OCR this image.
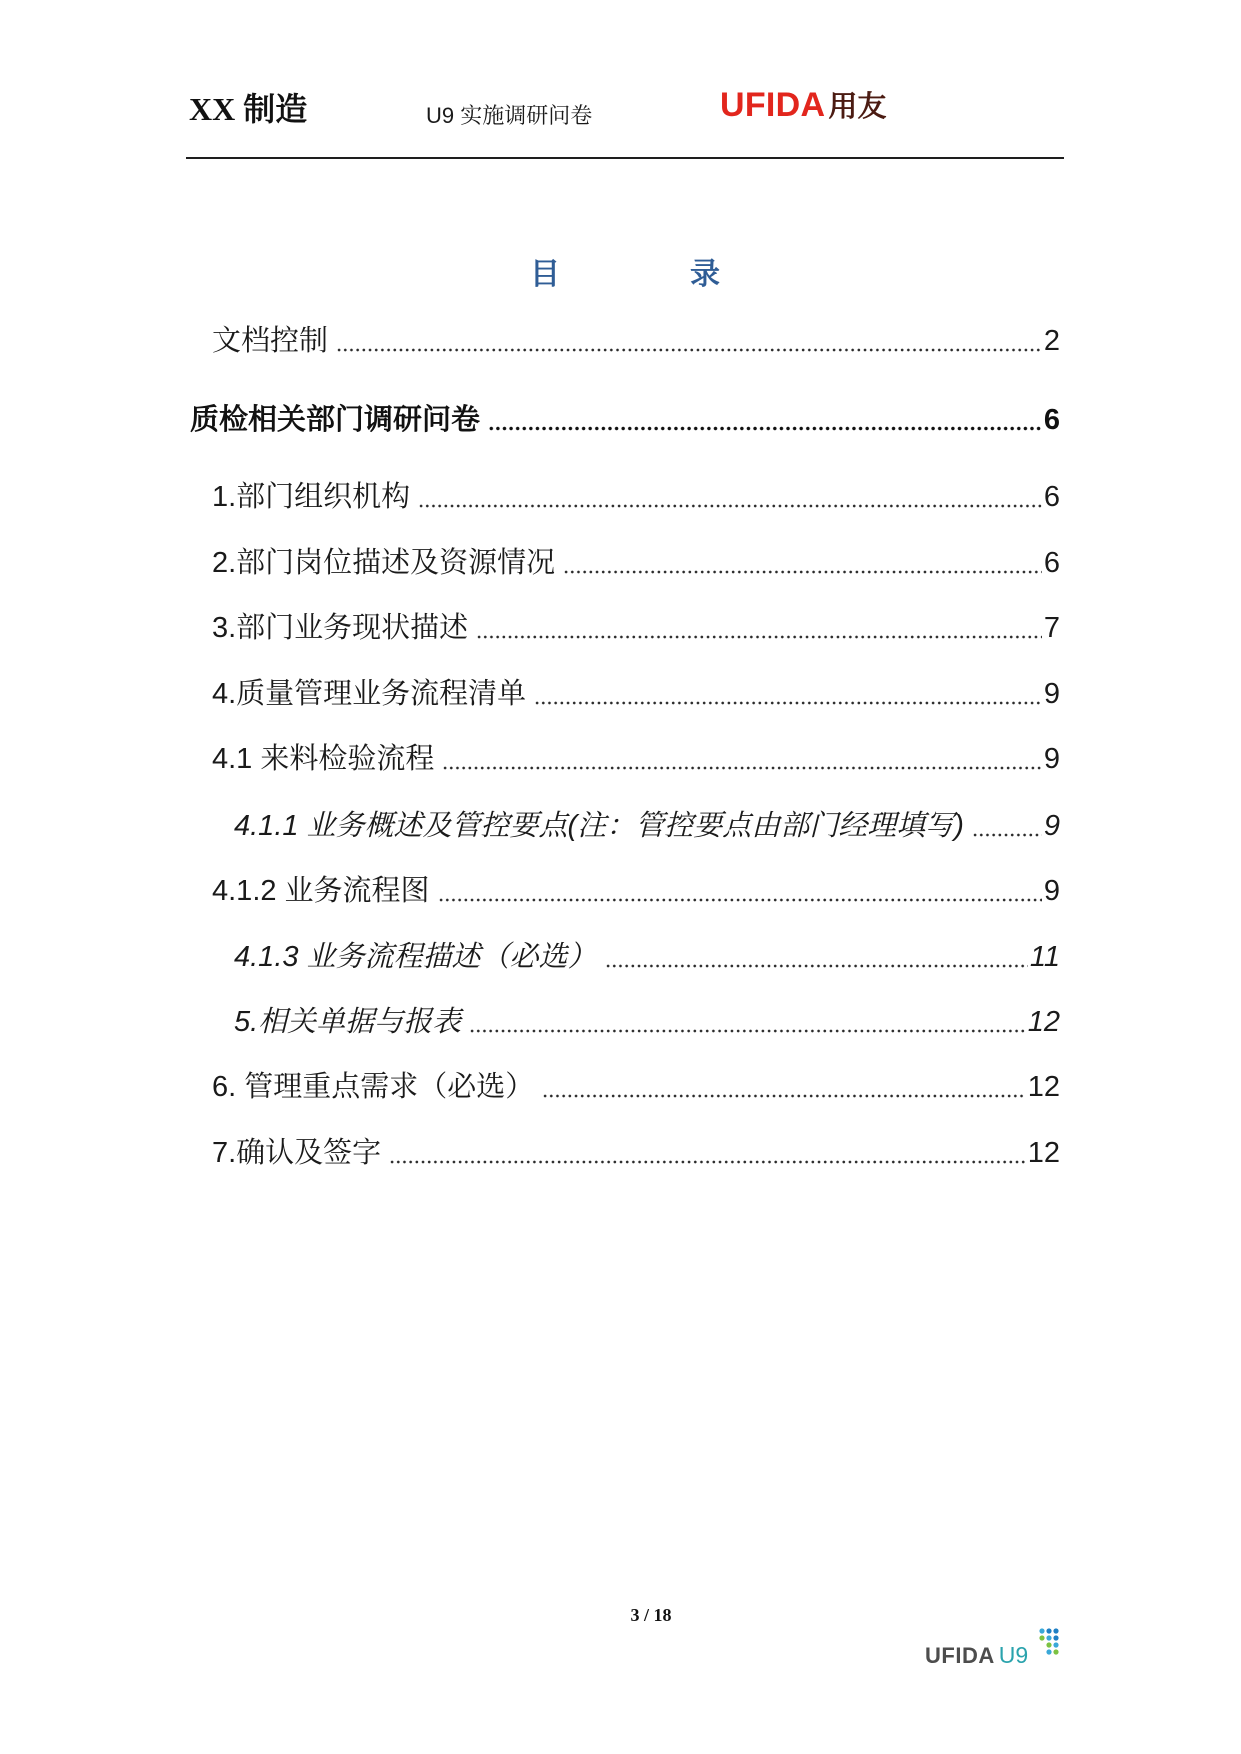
XX 制造	U9 实施调研问卷	UFIDA 用友
目	录
文档控制	2
质检相关部门调研问卷	6
1.部门组织机构	6
2.部门岗位描述及资源情况	6
3.部门业务现状描述	7
4.质量管理业务流程清单	9
4.1 来料检验流程	9
4.1.1 业务概述及管控要点(注：管控要点由部门经理填写)	9
4.1.2 业务流程图	9
4.1.3 业务流程描述（必选）	11
5.相关单据与报表	12
6. 管理重点需求（必选）	12
7.确认及签字	12
3 / 18
UFIDA U9
